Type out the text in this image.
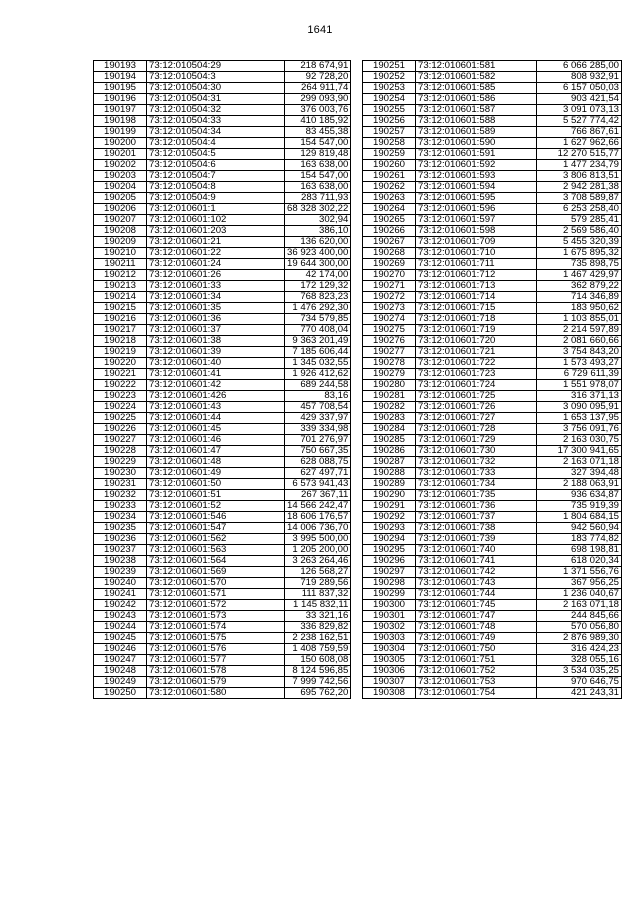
1641
190193	73:12:010504:29	218 674,91
190194	73:12:010504:3	92 728,20
190195	73:12:010504:30	264 911,74
190196	73:12:010504:31	299 093,90
190197	73:12:010504:32	376 003,76
190198	73:12:010504:33	410 185,92
190199	73:12:010504:34	83 455,38
190200	73:12:010504:4	154 547,00
190201	73:12:010504:5	129 819,48
190202	73:12:010504:6	163 638,00
190203	73:12:010504:7	154 547,00
190204	73:12:010504:8	163 638,00
190205	73:12:010504:9	283 711,93
190206	73:12:010601:1	68 328 302,22
190207	73:12:010601:102	302,94
190208	73:12:010601:203	386,10
190209	73:12:010601:21	136 620,00
190210	73:12:010601:22	36 923 400,00
190211	73:12:010601:24	19 644 300,00
190212	73:12:010601:26	42 174,00
190213	73:12:010601:33	172 129,32
190214	73:12:010601:34	768 823,23
190215	73:12:010601:35	1 476 292,30
190216	73:12:010601:36	734 579,85
190217	73:12:010601:37	770 408,04
190218	73:12:010601:38	9 363 201,49
190219	73:12:010601:39	7 185 606,44
190220	73:12:010601:40	1 345 032,55
190221	73:12:010601:41	1 926 412,62
190222	73:12:010601:42	689 244,58
190223	73:12:010601:426	83,16
190224	73:12:010601:43	457 708,54
190225	73:12:010601:44	429 337,97
190226	73:12:010601:45	339 334,98
190227	73:12:010601:46	701 276,97
190228	73:12:010601:47	750 667,35
190229	73:12:010601:48	628 088,75
190230	73:12:010601:49	627 497,71
190231	73:12:010601:50	6 573 941,43
190232	73:12:010601:51	267 367,11
190233	73:12:010601:52	14 566 242,47
190234	73:12:010601:546	18 606 176,57
190235	73:12:010601:547	14 006 736,70
190236	73:12:010601:562	3 995 500,00
190237	73:12:010601:563	1 205 200,00
190238	73:12:010601:564	3 263 264,46
190239	73:12:010601:569	126 568,27
190240	73:12:010601:570	719 289,56
190241	73:12:010601:571	111 837,32
190242	73:12:010601:572	1 145 832,11
190243	73:12:010601:573	33 321,16
190244	73:12:010601:574	336 829,82
190245	73:12:010601:575	2 238 162,51
190246	73:12:010601:576	1 408 759,59
190247	73:12:010601:577	150 608,08
190248	73:12:010601:578	8 124 596,85
190249	73:12:010601:579	7 999 742,56
190250	73:12:010601:580	695 762,20
190251	73:12:010601:581	6 066 285,00
190252	73:12:010601:582	808 932,91
190253	73:12:010601:585	6 157 050,03
190254	73:12:010601:586	903 421,54
190255	73:12:010601:587	3 091 073,13
190256	73:12:010601:588	5 527 774,42
190257	73:12:010601:589	766 867,61
190258	73:12:010601:590	1 627 962,66
190259	73:12:010601:591	12 270 515,77
190260	73:12:010601:592	1 477 234,79
190261	73:12:010601:593	3 806 813,51
190262	73:12:010601:594	2 942 281,38
190263	73:12:010601:595	3 708 589,87
190264	73:12:010601:596	6 253 258,40
190265	73:12:010601:597	579 285,41
190266	73:12:010601:598	2 569 586,40
190267	73:12:010601:709	5 455 320,39
190268	73:12:010601:710	1 675 895,32
190269	73:12:010601:711	735 898,75
190270	73:12:010601:712	1 467 429,97
190271	73:12:010601:713	362 879,22
190272	73:12:010601:714	714 346,89
190273	73:12:010601:715	183 950,62
190274	73:12:010601:718	1 103 855,01
190275	73:12:010601:719	2 214 597,89
190276	73:12:010601:720	2 081 660,66
190277	73:12:010601:721	3 754 843,20
190278	73:12:010601:722	1 573 493,27
190279	73:12:010601:723	6 729 611,39
190280	73:12:010601:724	1 551 978,07
190281	73:12:010601:725	316 371,13
190282	73:12:010601:726	3 090 095,91
190283	73:12:010601:727	1 653 137,95
190284	73:12:010601:728	3 756 091,76
190285	73:12:010601:729	2 163 030,75
190286	73:12:010601:730	17 300 941,65
190287	73:12:010601:732	2 163 071,18
190288	73:12:010601:733	327 394,48
190289	73:12:010601:734	2 188 063,91
190290	73:12:010601:735	936 634,87
190291	73:12:010601:736	735 919,39
190292	73:12:010601:737	1 804 684,15
190293	73:12:010601:738	942 560,94
190294	73:12:010601:739	183 774,82
190295	73:12:010601:740	698 198,81
190296	73:12:010601:741	618 020,34
190297	73:12:010601:742	1 371 556,76
190298	73:12:010601:743	367 956,25
190299	73:12:010601:744	1 236 040,67
190300	73:12:010601:745	2 163 071,18
190301	73:12:010601:747	244 845,66
190302	73:12:010601:748	570 056,80
190303	73:12:010601:749	2 876 989,30
190304	73:12:010601:750	316 424,23
190305	73:12:010601:751	328 055,16
190306	73:12:010601:752	3 534 035,25
190307	73:12:010601:753	970 646,75
190308	73:12:010601:754	421 243,31
